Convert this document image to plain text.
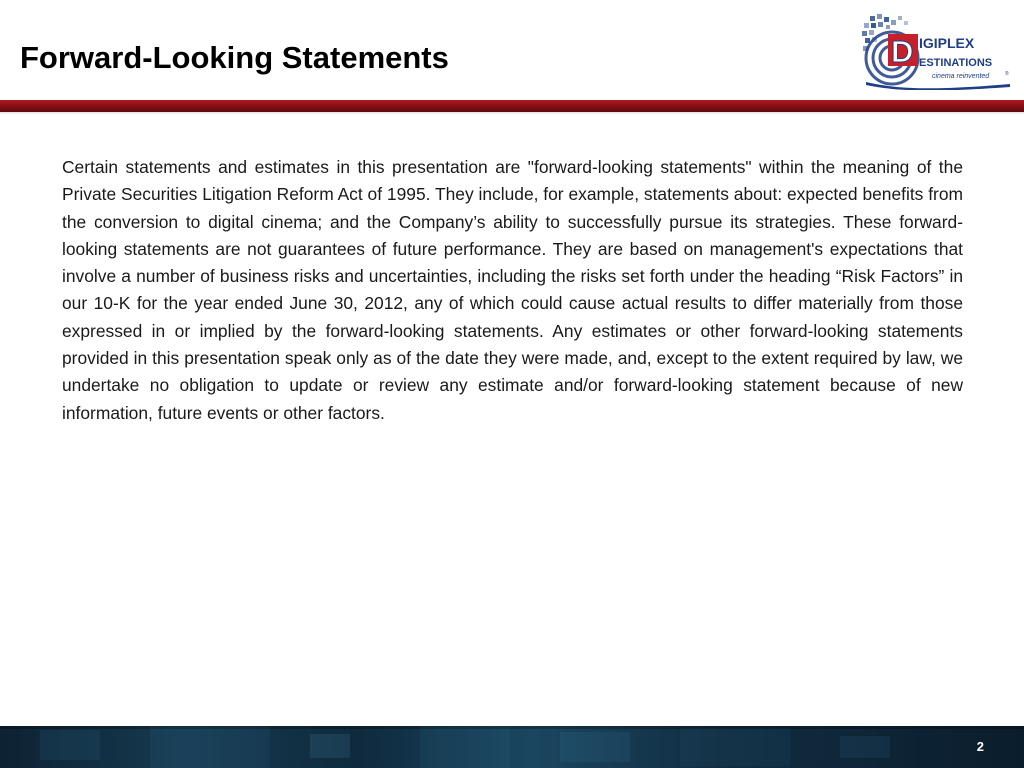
Forward-Looking Statements	D IGIPLEX
ESTINATIONS
cinema reinvented	®

Certain statements and estimates in this presentation are "forward-looking statements" within the meaning of the Private Securities Litigation Reform Act of 1995. They include, for example, statements about: expected benefits from the conversion to digital cinema; and the Company’s ability to successfully pursue its strategies. These forward-looking statements are not guarantees of future performance. They are based on management's expectations that involve a number of business risks and uncertainties, including the risks set forth under the heading “Risk Factors” in our 10-K for the year ended June 30, 2012, any of which could cause actual results to differ materially from those expressed in or implied by the forward-looking statements. Any estimates or other forward-looking statements provided in this presentation speak only as of the date they were made, and, except to the extent required by law, we undertake no obligation to update or review any estimate and/or forward-looking statement because of new information, future events or other factors.

2
